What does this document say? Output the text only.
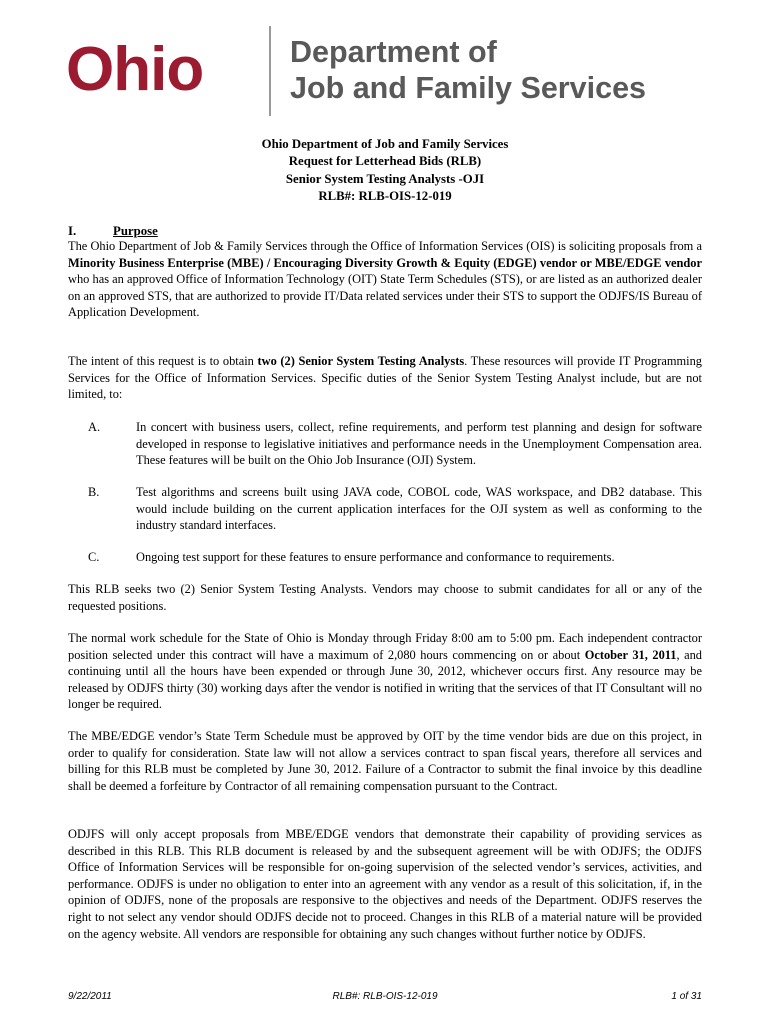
Ohio	Department of
Job and Family Services
Ohio Department of Job and Family Services
Request for Letterhead Bids (RLB)
Senior System Testing Analysts -OJI
RLB#: RLB-OIS-12-019
I.	Purpose

The Ohio Department of Job & Family Services through the Office of Information Services (OIS) is soliciting proposals from a Minority Business Enterprise (MBE) / Encouraging Diversity Growth & Equity (EDGE) vendor or MBE/EDGE vendor who has an approved Office of Information Technology (OIT) State Term Schedules (STS), or are listed as an authorized dealer on an approved STS, that are authorized to provide IT/Data related services under their STS to support the ODJFS/IS Bureau of Application Development.

The intent of this request is to obtain two (2) Senior System Testing Analysts. These resources will provide IT Programming Services for the Office of Information Services. Specific duties of the Senior System Testing Analyst include, but are not limited, to:

A.	In concert with business users, collect, refine requirements, and perform test planning and design for software developed in response to legislative initiatives and performance needs in the Unemployment Compensation area. These features will be built on the Ohio Job Insurance (OJI) System.
B.	Test algorithms and screens built using JAVA code, COBOL code, WAS workspace, and DB2 database. This would include building on the current application interfaces for the OJI system as well as conforming to the industry standard interfaces.
C.	Ongoing test support for these features to ensure performance and conformance to requirements.

This RLB seeks two (2) Senior System Testing Analysts. Vendors may choose to submit candidates for all or any of the requested positions.

The normal work schedule for the State of Ohio is Monday through Friday 8:00 am to 5:00 pm. Each independent contractor position selected under this contract will have a maximum of 2,080 hours commencing on or about October 31, 2011, and continuing until all the hours have been expended or through June 30, 2012, whichever occurs first. Any resource may be released by ODJFS thirty (30) working days after the vendor is notified in writing that the services of that IT Consultant will no longer be required.

The MBE/EDGE vendor’s State Term Schedule must be approved by OIT by the time vendor bids are due on this project, in order to qualify for consideration. State law will not allow a services contract to span fiscal years, therefore all services and billing for this RLB must be completed by June 30, 2012. Failure of a Contractor to submit the final invoice by this deadline shall be deemed a forfeiture by Contractor of all remaining compensation pursuant to the Contract.

ODJFS will only accept proposals from MBE/EDGE vendors that demonstrate their capability of providing services as described in this RLB. This RLB document is released by and the subsequent agreement will be with ODJFS; the ODJFS Office of Information Services will be responsible for on-going supervision of the selected vendor’s services, activities, and performance. ODJFS is under no obligation to enter into an agreement with any vendor as a result of this solicitation, if, in the opinion of ODJFS, none of the proposals are responsive to the objectives and needs of the Department. ODJFS reserves the right to not select any vendor should ODJFS decide not to proceed. Changes in this RLB of a material nature will be provided on the agency website. All vendors are responsible for obtaining any such changes without further notice by ODJFS.

9/22/2011	RLB#: RLB-OIS-12-019	1 of 31
